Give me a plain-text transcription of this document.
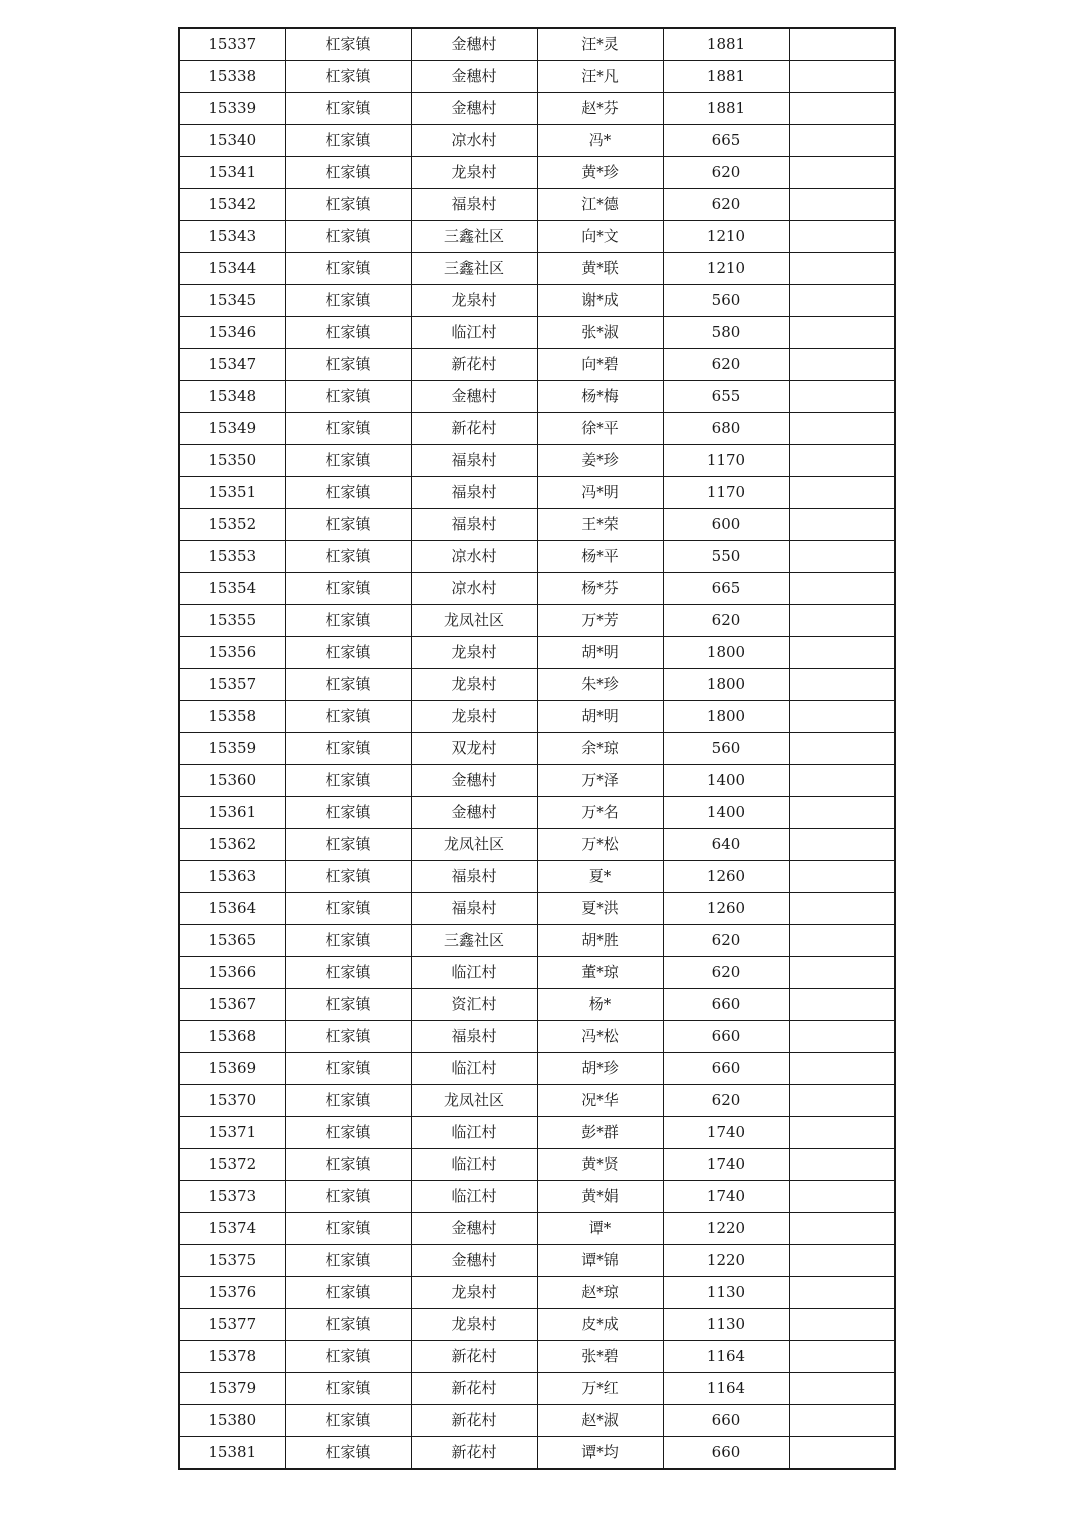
15337	杠家镇	金穗村	汪*灵	1881	
15338	杠家镇	金穗村	汪*凡	1881	
15339	杠家镇	金穗村	赵*芬	1881	
15340	杠家镇	凉水村	冯*	665	
15341	杠家镇	龙泉村	黄*珍	620	
15342	杠家镇	福泉村	江*德	620	
15343	杠家镇	三鑫社区	向*文	1210	
15344	杠家镇	三鑫社区	黄*联	1210	
15345	杠家镇	龙泉村	谢*成	560	
15346	杠家镇	临江村	张*淑	580	
15347	杠家镇	新花村	向*碧	620	
15348	杠家镇	金穗村	杨*梅	655	
15349	杠家镇	新花村	徐*平	680	
15350	杠家镇	福泉村	姜*珍	1170	
15351	杠家镇	福泉村	冯*明	1170	
15352	杠家镇	福泉村	王*荣	600	
15353	杠家镇	凉水村	杨*平	550	
15354	杠家镇	凉水村	杨*芬	665	
15355	杠家镇	龙凤社区	万*芳	620	
15356	杠家镇	龙泉村	胡*明	1800	
15357	杠家镇	龙泉村	朱*珍	1800	
15358	杠家镇	龙泉村	胡*明	1800	
15359	杠家镇	双龙村	余*琼	560	
15360	杠家镇	金穗村	万*泽	1400	
15361	杠家镇	金穗村	万*名	1400	
15362	杠家镇	龙凤社区	万*松	640	
15363	杠家镇	福泉村	夏*	1260	
15364	杠家镇	福泉村	夏*洪	1260	
15365	杠家镇	三鑫社区	胡*胜	620	
15366	杠家镇	临江村	董*琼	620	
15367	杠家镇	资汇村	杨*	660	
15368	杠家镇	福泉村	冯*松	660	
15369	杠家镇	临江村	胡*珍	660	
15370	杠家镇	龙凤社区	况*华	620	
15371	杠家镇	临江村	彭*群	1740	
15372	杠家镇	临江村	黄*贤	1740	
15373	杠家镇	临江村	黄*娟	1740	
15374	杠家镇	金穗村	谭*	1220	
15375	杠家镇	金穗村	谭*锦	1220	
15376	杠家镇	龙泉村	赵*琼	1130	
15377	杠家镇	龙泉村	皮*成	1130	
15378	杠家镇	新花村	张*碧	1164	
15379	杠家镇	新花村	万*红	1164	
15380	杠家镇	新花村	赵*淑	660	
15381	杠家镇	新花村	谭*均	660	
